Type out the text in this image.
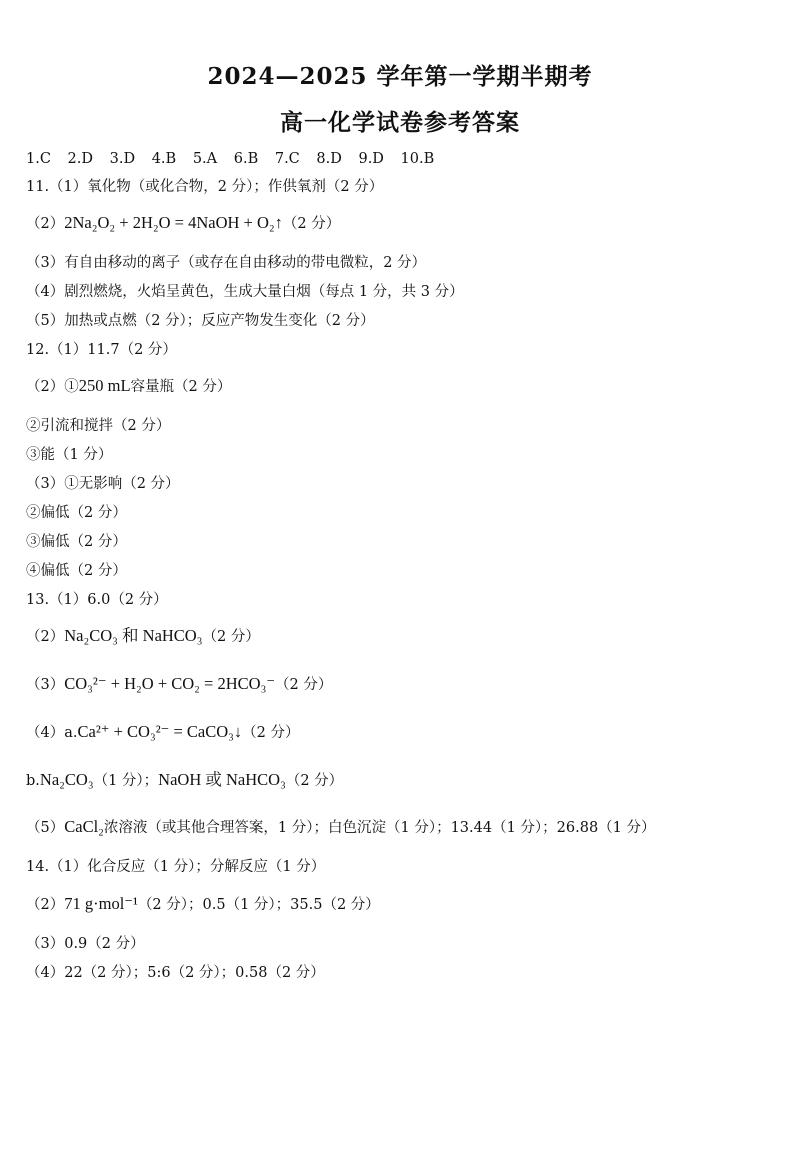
2024—2025 学年第一学期半期考
高一化学试卷参考答案
1.C 2.D 3.D 4.B 5.A 6.B 7.C 8.D 9.D 10.B
11.（1）氧化物（或化合物，2 分）；作供氧剂（2 分）
（2）2Na₂O₂ + 2H₂O = 4NaOH + O₂↑（2 分）
（3）有自由移动的离子（或存在自由移动的带电微粒，2 分）
（4）剧烈燃烧，火焰呈黄色，生成大量白烟（每点 1 分，共 3 分）
（5）加热或点燃（2 分）；反应产物发生变化（2 分）
12.（1）11.7（2 分）
（2）①250 mL容量瓶（2 分）
②引流和搅拌（2 分）
③能（1 分）
（3）①无影响（2 分）
②偏低（2 分）
③偏低（2 分）
④偏低（2 分）
13.（1）6.0（2 分）
（2）Na₂CO₃ 和 NaHCO₃（2 分）
（3）CO₃²⁻ + H₂O + CO₂ = 2HCO₃⁻（2 分）
（4）a.Ca²⁺ + CO₃²⁻ = CaCO₃↓（2 分）
b.Na₂CO₃（1 分）；NaOH 或 NaHCO₃（2 分）
（5）CaCl₂浓溶液（或其他合理答案，1 分）；白色沉淀（1 分）；13.44（1 分）；26.88（1 分）
14.（1）化合反应（1 分）；分解反应（1 分）
（2）71 g·mol⁻¹（2 分）；0.5（1 分）；35.5（2 分）
（3）0.9（2 分）
（4）22（2 分）；5:6（2 分）；0.58（2 分）
